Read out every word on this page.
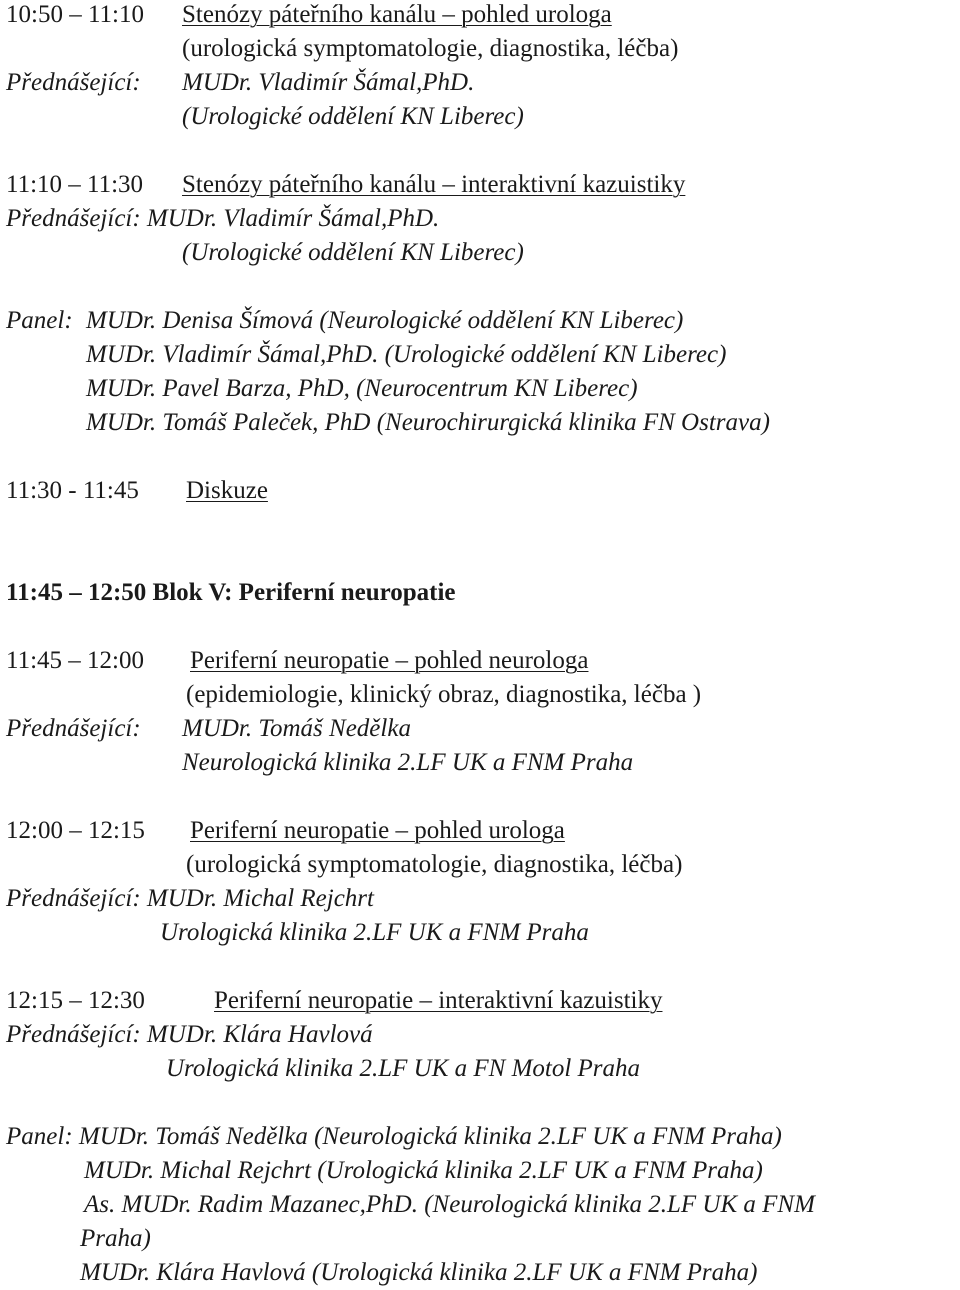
10:50 – 11:10 Stenózy páteřního kanálu – pohled urologa
(urologická symptomatologie, diagnostika, léčba)
Přednášející: MUDr. Vladimír Šámal,PhD.
(Urologické oddělení KN Liberec)
11:10 – 11:30 Stenózy páteřního kanálu – interaktivní kazuistiky
Přednášející: MUDr. Vladimír Šámal,PhD.
(Urologické oddělení KN Liberec)
Panel: MUDr. Denisa Šímová (Neurologické oddělení KN Liberec)
MUDr. Vladimír Šámal,PhD. (Urologické oddělení KN Liberec)
MUDr. Pavel Barza, PhD, (Neurocentrum KN Liberec)
MUDr. Tomáš Paleček, PhD (Neurochirurgická klinika FN Ostrava)
11:30 - 11:45 Diskuze
11:45 – 12:50 Blok V: Periferní neuropatie
11:45 – 12:00 Periferní neuropatie – pohled neurologa
(epidemiologie, klinický obraz, diagnostika, léčba )
Přednášející: MUDr. Tomáš Nedělka
Neurologická klinika 2.LF UK a FNM Praha
12:00 – 12:15 Periferní neuropatie – pohled urologa
(urologická symptomatologie, diagnostika, léčba)
Přednášející: MUDr. Michal Rejchrt
Urologická klinika 2.LF UK a FNM Praha
12:15 – 12:30	Periferní neuropatie – interaktivní kazuistiky
Přednášející: MUDr. Klára Havlová
Urologická klinika 2.LF UK a FN Motol Praha
Panel: MUDr. Tomáš Nedělka (Neurologická klinika 2.LF UK a FNM Praha)
MUDr. Michal Rejchrt (Urologická klinika 2.LF UK a FNM Praha)
As. MUDr. Radim Mazanec,PhD. (Neurologická klinika 2.LF UK a FNM
Praha)
MUDr. Klára Havlová (Urologická klinika 2.LF UK a FNM Praha)
